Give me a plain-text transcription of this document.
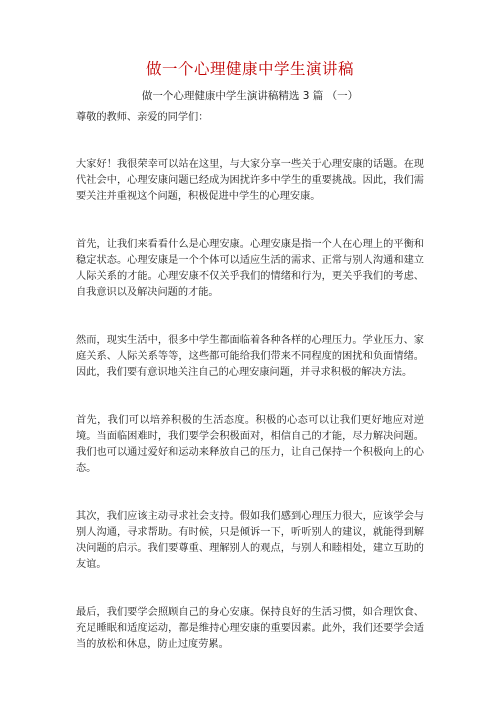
做一个心理健康中学生演讲稿
做一个心理健康中学生演讲稿精选 3 篇 （一）

尊敬的教师、亲爱的同学们：

大家好！我很荣幸可以站在这里，与大家分享一些关于心理安康的话题。在现代社会中，心理安康问题已经成为困扰许多中学生的重要挑战。因此，我们需要关注并重视这个问题，积极促进中学生的心理安康。

首先，让我们来看看什么是心理安康。心理安康是指一个人在心理上的平衡和稳定状态。心理安康是一个个体可以适应生活的需求、正常与别人沟通和建立人际关系的才能。心理安康不仅关乎我们的情绪和行为，更关乎我们的考虑、自我意识以及解决问题的才能。

然而，现实生活中，很多中学生都面临着各种各样的心理压力。学业压力、家庭关系、人际关系等等，这些都可能给我们带来不同程度的困扰和负面情绪。因此，我们要有意识地关注自己的心理安康问题，并寻求积极的解决方法。

首先，我们可以培养积极的生活态度。积极的心态可以让我们更好地应对逆境。当面临困难时，我们要学会积极面对，相信自己的才能，尽力解决问题。我们也可以通过爱好和运动来释放自己的压力，让自己保持一个积极向上的心态。

其次，我们应该主动寻求社会支持。假如我们感到心理压力很大，应该学会与别人沟通，寻求帮助。有时候，只是倾诉一下，听听别人的建议，就能得到解决问题的启示。我们要尊重、理解别人的观点，与别人和睦相处，建立互助的友谊。

最后，我们要学会照顾自己的身心安康。保持良好的生活习惯，如合理饮食、充足睡眠和适度运动，都是维持心理安康的重要因素。此外，我们还要学会适当的放松和休息，防止过度劳累。
